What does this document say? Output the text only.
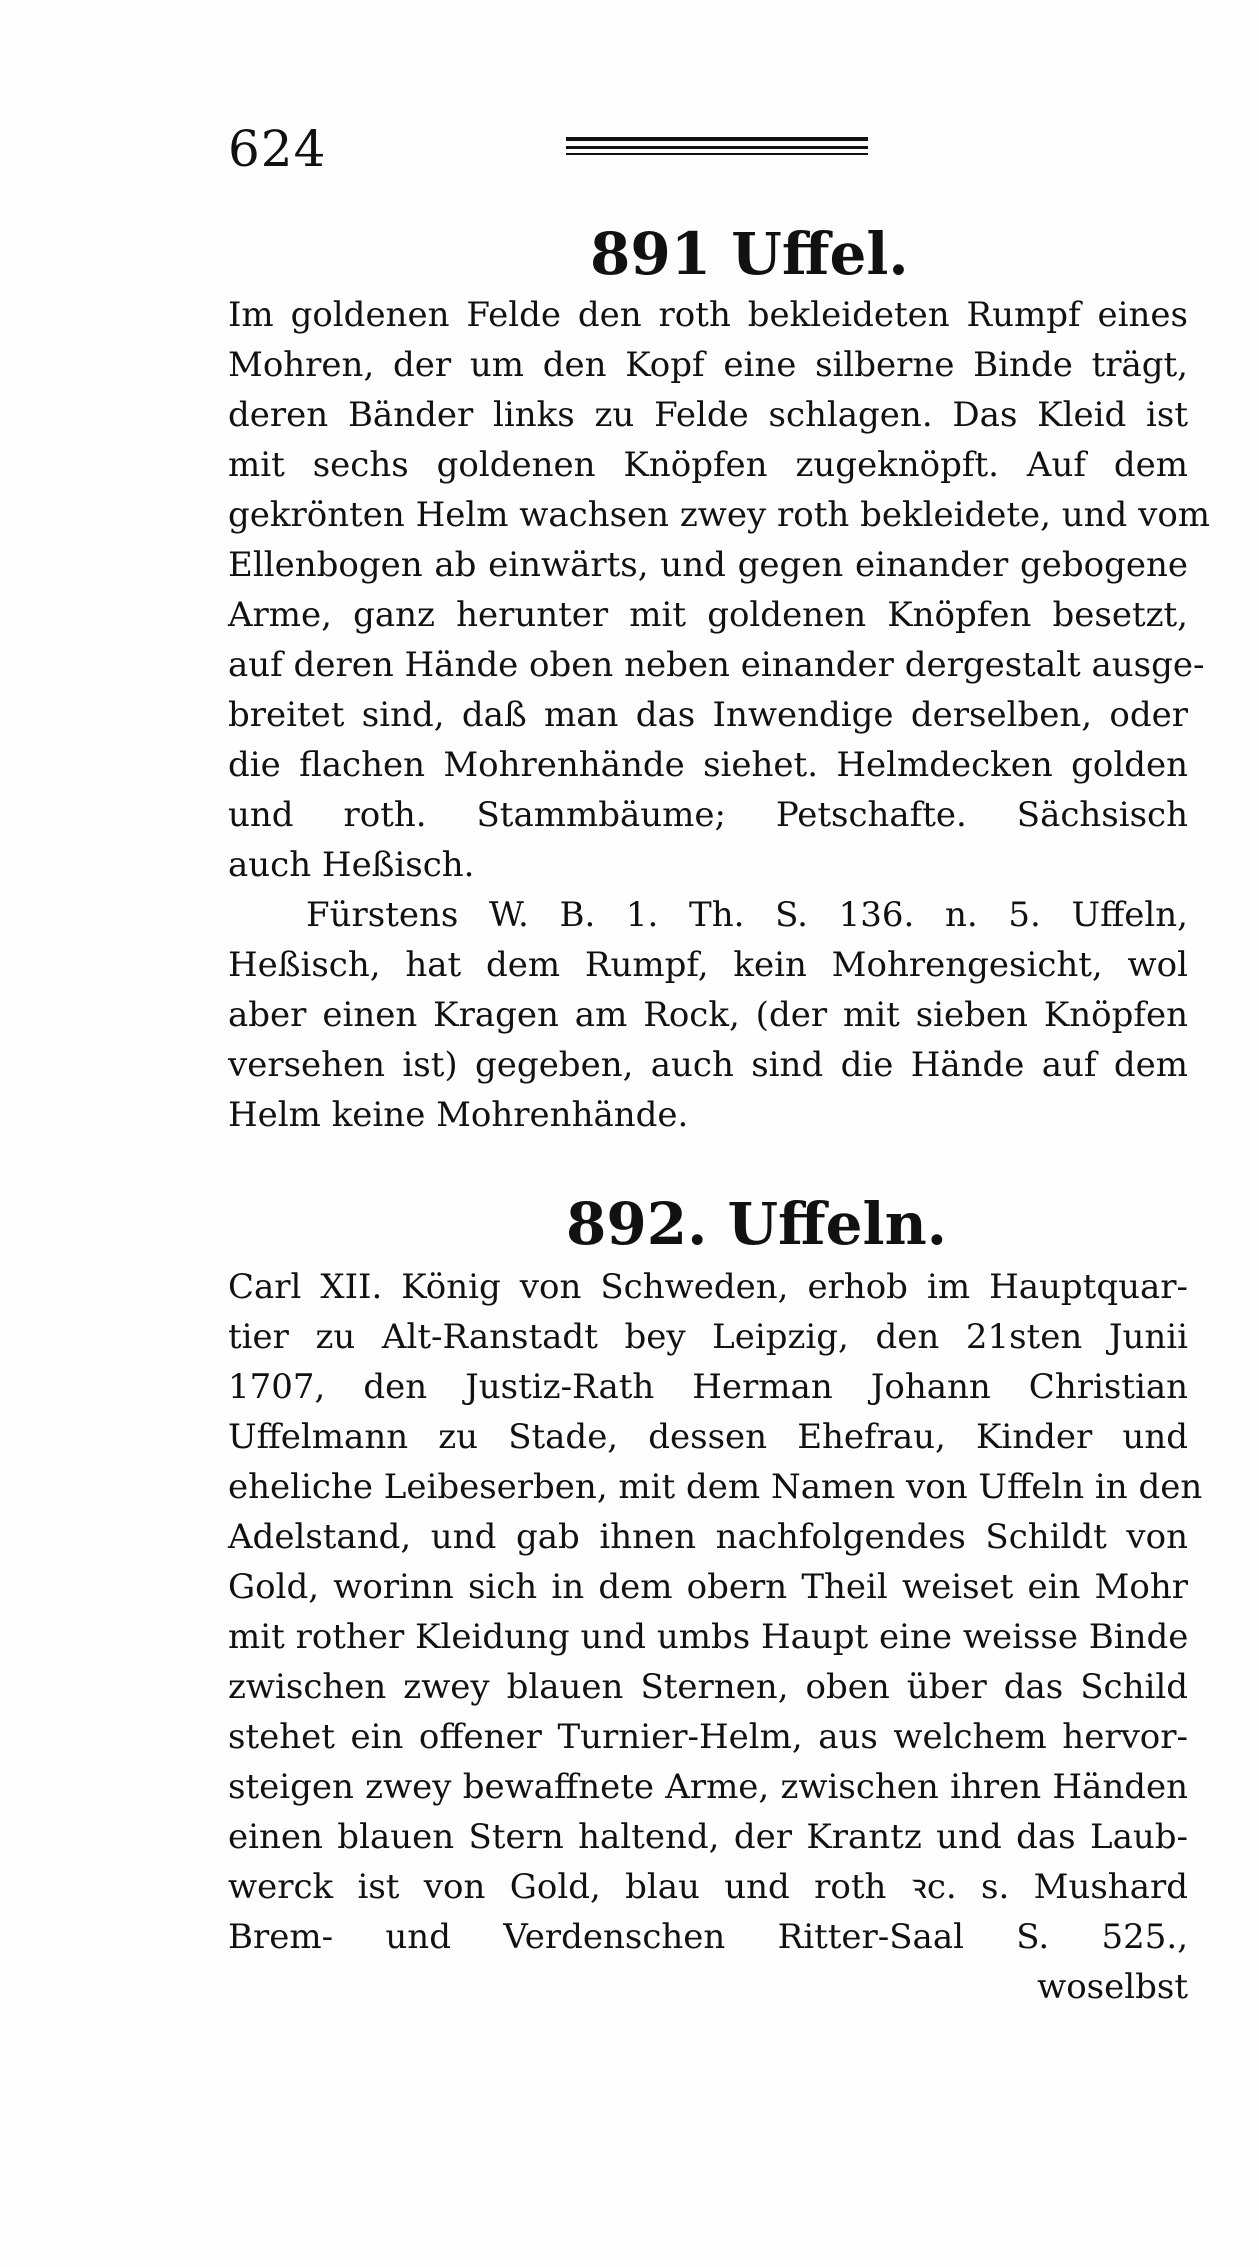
624
891 Uffel.
Im goldenen Felde den roth bekleideten Rumpf eines
Mohren, der um den Kopf eine silberne Binde trägt,
deren Bänder links zu Felde schlagen. Das Kleid ist
mit sechs goldenen Knöpfen zugeknöpft. Auf dem
gekrönten Helm wachsen zwey roth bekleidete, und vom
Ellenbogen ab einwärts, und gegen einander gebogene
Arme, ganz herunter mit goldenen Knöpfen besetzt,
auf deren Hände oben neben einander dergestalt ausge-
breitet sind, daß man das Inwendige derselben, oder
die flachen Mohrenhände siehet. Helmdecken golden
und roth. Stammbäume; Petschafte. Sächsisch
auch Heßisch.
Fürstens W. B. 1. Th. S. 136. n. 5. Uffeln,
Heßisch, hat dem Rumpf, kein Mohrengesicht, wol
aber einen Kragen am Rock, (der mit sieben Knöpfen
versehen ist) gegeben, auch sind die Hände auf dem
Helm keine Mohrenhände.
892. Uffeln.
Carl XII. König von Schweden, erhob im Hauptquar-
tier zu Alt-Ranstadt bey Leipzig, den 21sten Junii
1707, den Justiz-Rath Herman Johann Christian
Uffelmann zu Stade, dessen Ehefrau, Kinder und
eheliche Leibeserben, mit dem Namen von Uffeln in den
Adelstand, und gab ihnen nachfolgendes Schildt von
Gold, worinn sich in dem obern Theil weiset ein Mohr
mit rother Kleidung und umbs Haupt eine weisse Binde
zwischen zwey blauen Sternen, oben über das Schild
stehet ein offener Turnier-Helm, aus welchem hervor-
steigen zwey bewaffnete Arme, zwischen ihren Händen
einen blauen Stern haltend, der Krantz und das Laub-
werck ist von Gold, blau und roth ꝛc. s. Mushard
Brem- und Verdenschen Ritter-Saal S. 525.,
woselbst
